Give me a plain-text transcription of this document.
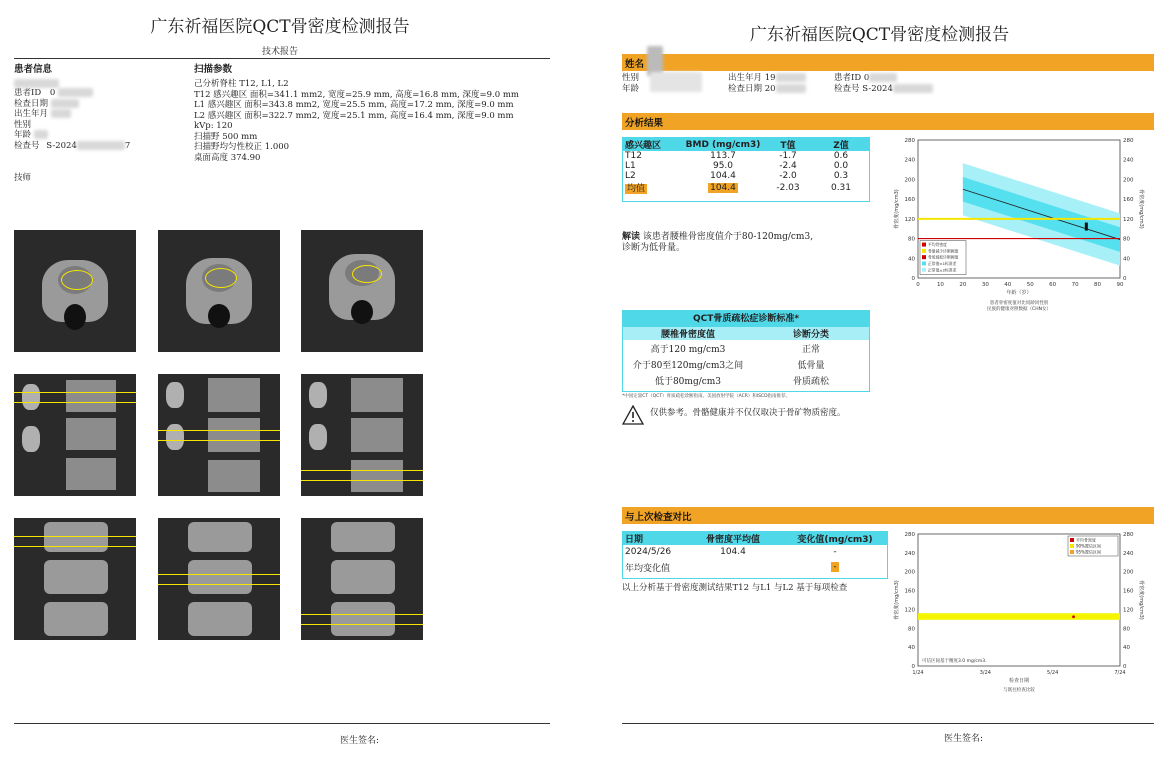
广东祈福医院QCT骨密度检测报告
技术报告
患者信息
患者ID 0
检查日期
出生年月
性别
年龄
检查号 S-2024	7
技师
扫描参数
己分析脊柱 T12, L1, L2
T12 感兴趣区 面积=341.1 mm2, 宽度=25.9 mm, 高度=16.8 mm, 深度=9.0 mm
L1 感兴趣区 面积=343.8 mm2, 宽度=25.5 mm, 高度=17.2 mm, 深度=9.0 mm
L2 感兴趣区 面积=322.7 mm2, 宽度=25.1 mm, 高度=16.4 mm, 深度=9.0 mm
kVp: 120
扫描野 500 mm
扫描野均匀性校正 1.000
桌面高度 374.90
医生签名:
广东祈福医院QCT骨密度检测报告
姓名
性别
年龄
出生年月 19
检查日期 20
患者ID 0
检查号 S-2024
分析结果
感兴趣区	BMD (mg/cm3)	T值	Z值
T12	113.7	-1.7	0.6
L1	95.0	-2.4	0.0
L2	104.4	-2.0	0.3
均值	104.4	-2.03	0.31
解读 该患者腰椎骨密度值介于80-120mg/cm3,
诊断为低骨量。
QCT骨质疏松症诊断标准*
腰椎骨密度值	诊断分类
高于120 mg/cm3	正常
介于80至120mg/cm3之间	低骨量
低于80mg/cm3	骨质疏松
*中国定量CT（QCT）骨质疏松诊断指南、美国放射学院（ACR）和ISCD指南推荐。
仅供参考。骨骼健康并不仅仅取决于骨矿物质密度。
0	0
40	40
80	80
120	120
160	160
200	200
240	240
280	280
0	10	20	30	40	50	60	70	80	90
年龄（岁）
骨密度(mg/cm3)	骨密度(mg/cm3)
患者骨密度值对比同龄同性别
民族的健康对照数据（CHN女）
平均骨密度
骨量减少诊断阈值
骨质疏松诊断阈值
正常值±1标准差
正常值±2标准差
与上次检查对比
日期	骨密度平均值	变化值(mg/cm3)
2024/5/26	104.4	-
年均变化值		-
以上分析基于骨密度测试结果T12 与L1 与L2 基于每项检查
0	0
40	40
80	80
120	120
160	160
200	200
240	240
280	280
1/24	3/24	5/24	7/24
检查日期
与既往检查比较
骨密度(mg/cm3)	骨密度(mg/cm3)
可信区间基于精度3.0 mg/cm3.
平均骨密度
90%置信区间
95%置信区间
医生签名:
